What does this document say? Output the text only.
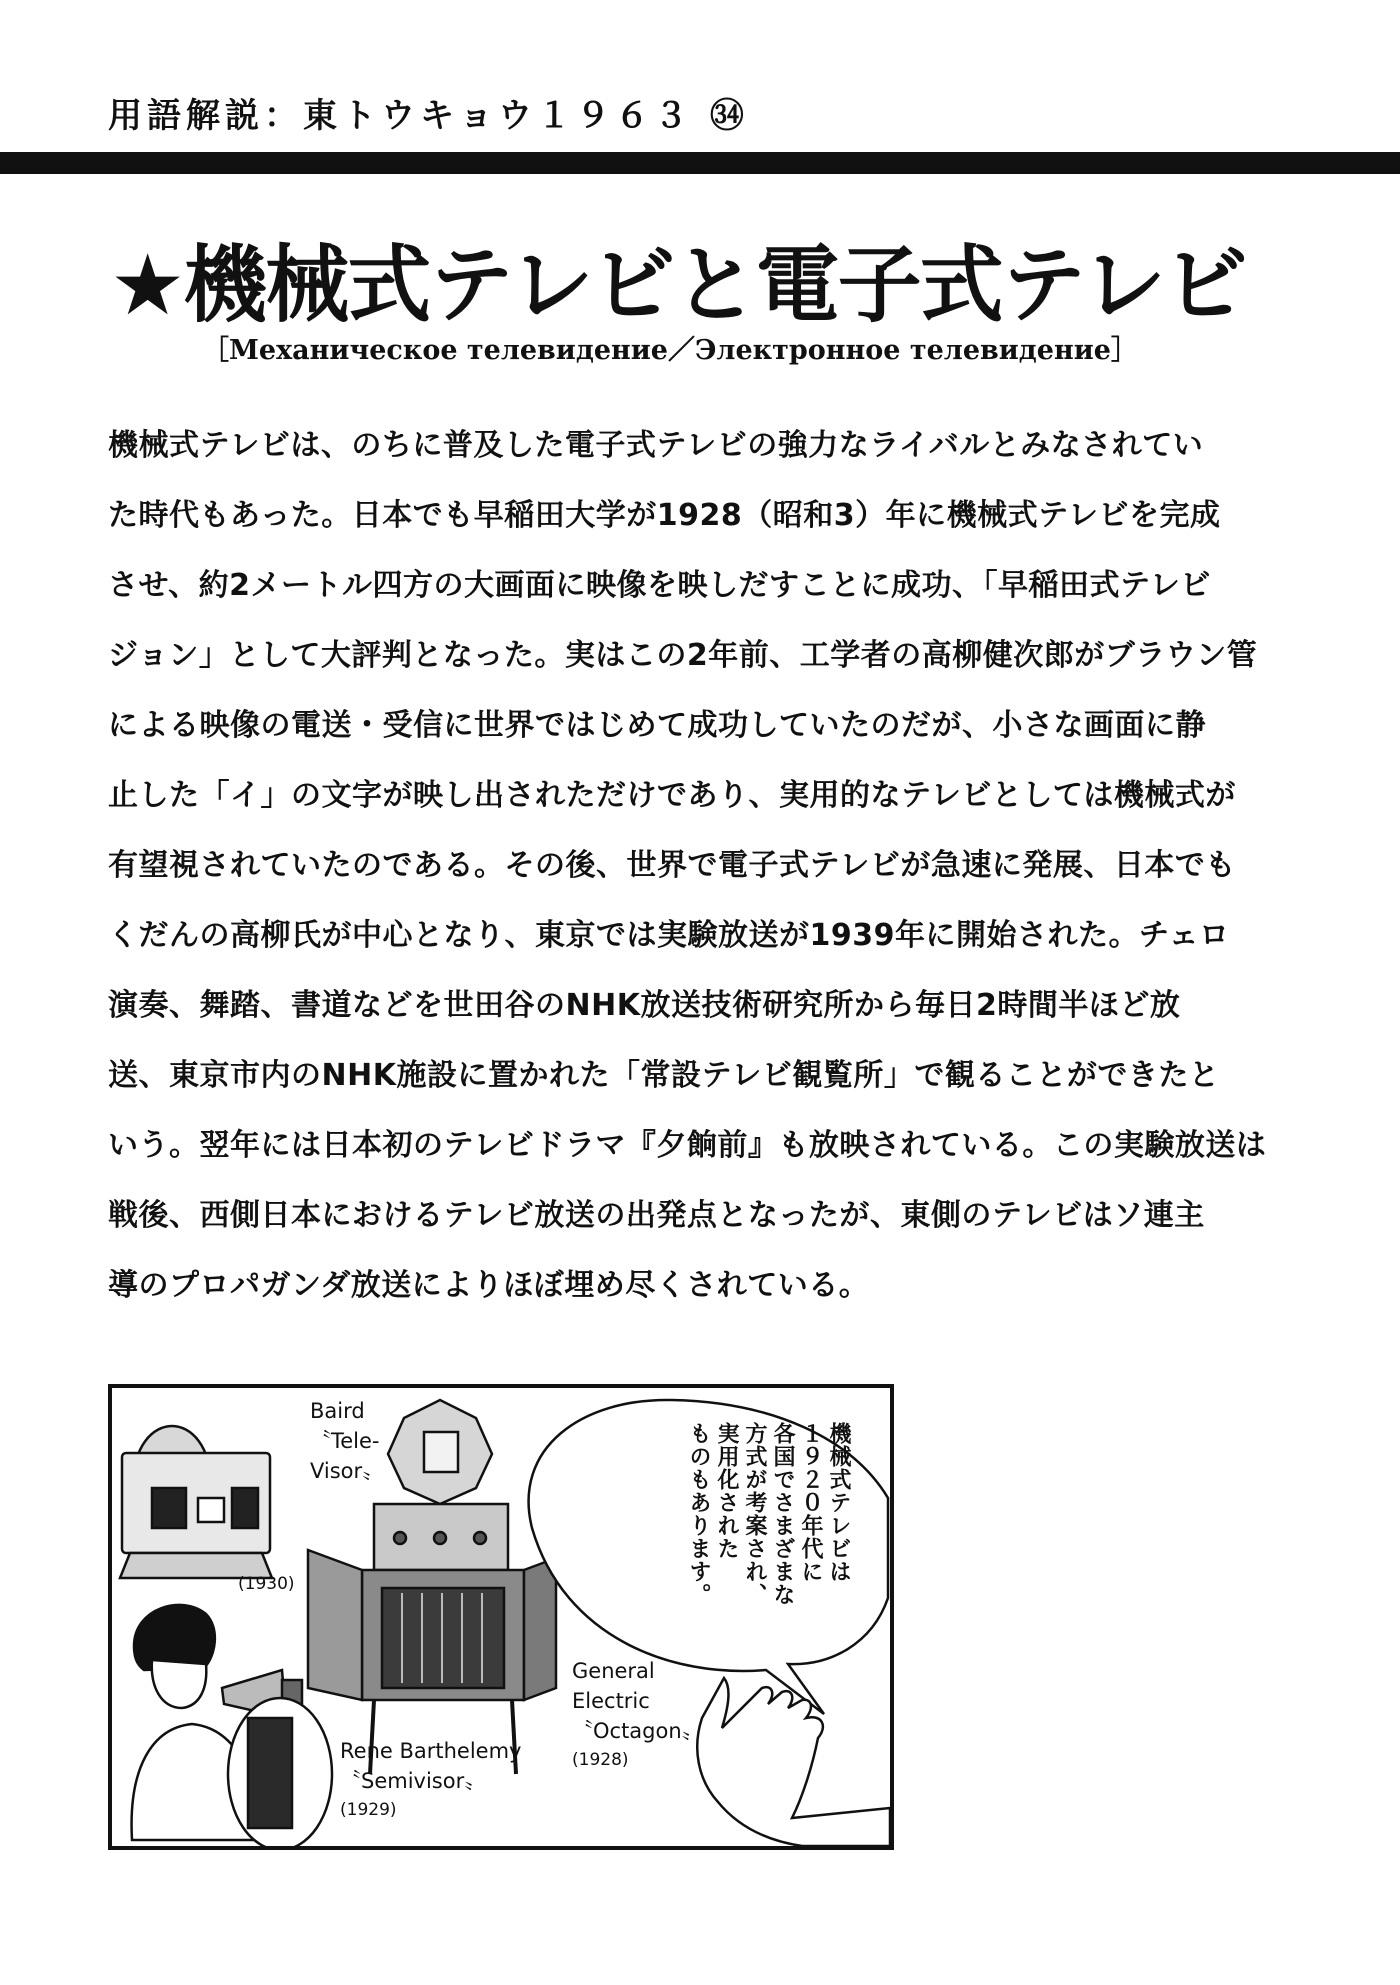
用語解説：東トウキョウ１９６３ ㉞
★機械式テレビと電子式テレビ
［Механическое телевидение／Электронное телевидение］
機械式テレビは、のちに普及した電子式テレビの強力なライバルとみなされてい
た時代もあった。日本でも早稲田大学が1928（昭和3）年に機械式テレビを完成
させ、約2メートル四方の大画面に映像を映しだすことに成功、「早稲田式テレビ
ジョン」として大評判となった。実はこの2年前、工学者の高柳健次郎がブラウン管
による映像の電送・受信に世界ではじめて成功していたのだが、小さな画面に静
止した「イ」の文字が映し出されただけであり、実用的なテレビとしては機械式が
有望視されていたのである。その後、世界で電子式テレビが急速に発展、日本でも
くだんの高柳氏が中心となり、東京では実験放送が1939年に開始された。チェロ
演奏、舞踏、書道などを世田谷のNHK放送技術研究所から毎日2時間半ほど放
送、東京市内のNHK施設に置かれた「常設テレビ観覧所」で観ることができたと
いう。翌年には日本初のテレビドラマ『夕餉前』も放映されている。この実験放送は
戦後、西側日本におけるテレビ放送の出発点となったが、東側のテレビはソ連主
導のプロパガンダ放送によりほぼ埋め尽くされている。
Baird
〝Tele-
Visor〟
(1930)
General
Electric
〝Octagon〟
(1928)
Rene Barthelemy
〝Semivisor〟
(1929)
機械式テレビは
１９２０年代に
各国でさまざまな
方式が考案され、
実用化された
ものもあります。
